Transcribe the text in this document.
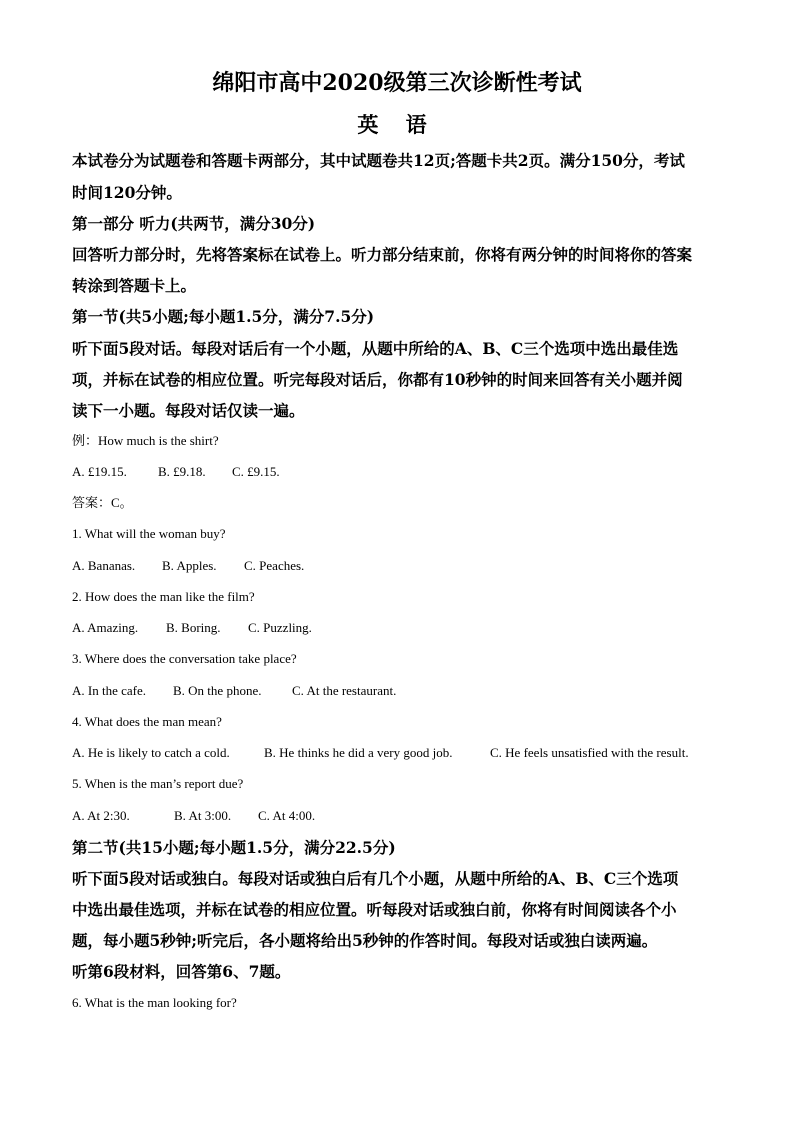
绵阳市高中2020级第三次诊断性考试
英 语
本试卷分为试题卷和答题卡两部分，其中试题卷共12页;答题卡共2页。满分150分，考试
时间120分钟。
第一部分 听力(共两节，满分30分)
回答听力部分时，先将答案标在试卷上。听力部分结束前，你将有两分钟的时间将你的答案
转涂到答题卡上。
第一节(共5小题;每小题1.5分，满分7.5分)
听下面5段对话。每段对话后有一个小题，从题中所给的A、B、C三个选项中选出最佳选
项，并标在试卷的相应位置。听完每段对话后，你都有10秒钟的时间来回答有关小题并阅
读下一小题。每段对话仅读一遍。
例：How much is the shirt?
A. £19.15. B. £9.18. C. £9.15.
答案：C。
1. What will the woman buy?
A. Bananas. B. Apples. C. Peaches.
2. How does the man like the film?
A. Amazing. B. Boring. C. Puzzling.
3. Where does the conversation take place?
A. In the cafe. B. On the phone. C. At the restaurant.
4. What does the man mean?
A. He is likely to catch a cold.	B. He thinks he did a very good job.	C. He feels unsatisfied with the result.
5. When is the man’s report due?
A. At 2:30.	B. At 3:00. C. At 4:00.
第二节(共15小题;每小题1.5分，满分22.5分)
听下面5段对话或独白。每段对话或独白后有几个小题，从题中所给的A、B、C三个选项
中选出最佳选项，并标在试卷的相应位置。听每段对话或独白前，你将有时间阅读各个小
题，每小题5秒钟;听完后，各小题将给出5秒钟的作答时间。每段对话或独白读两遍。
听第6段材料，回答第6、7题。
6. What is the man looking for?
